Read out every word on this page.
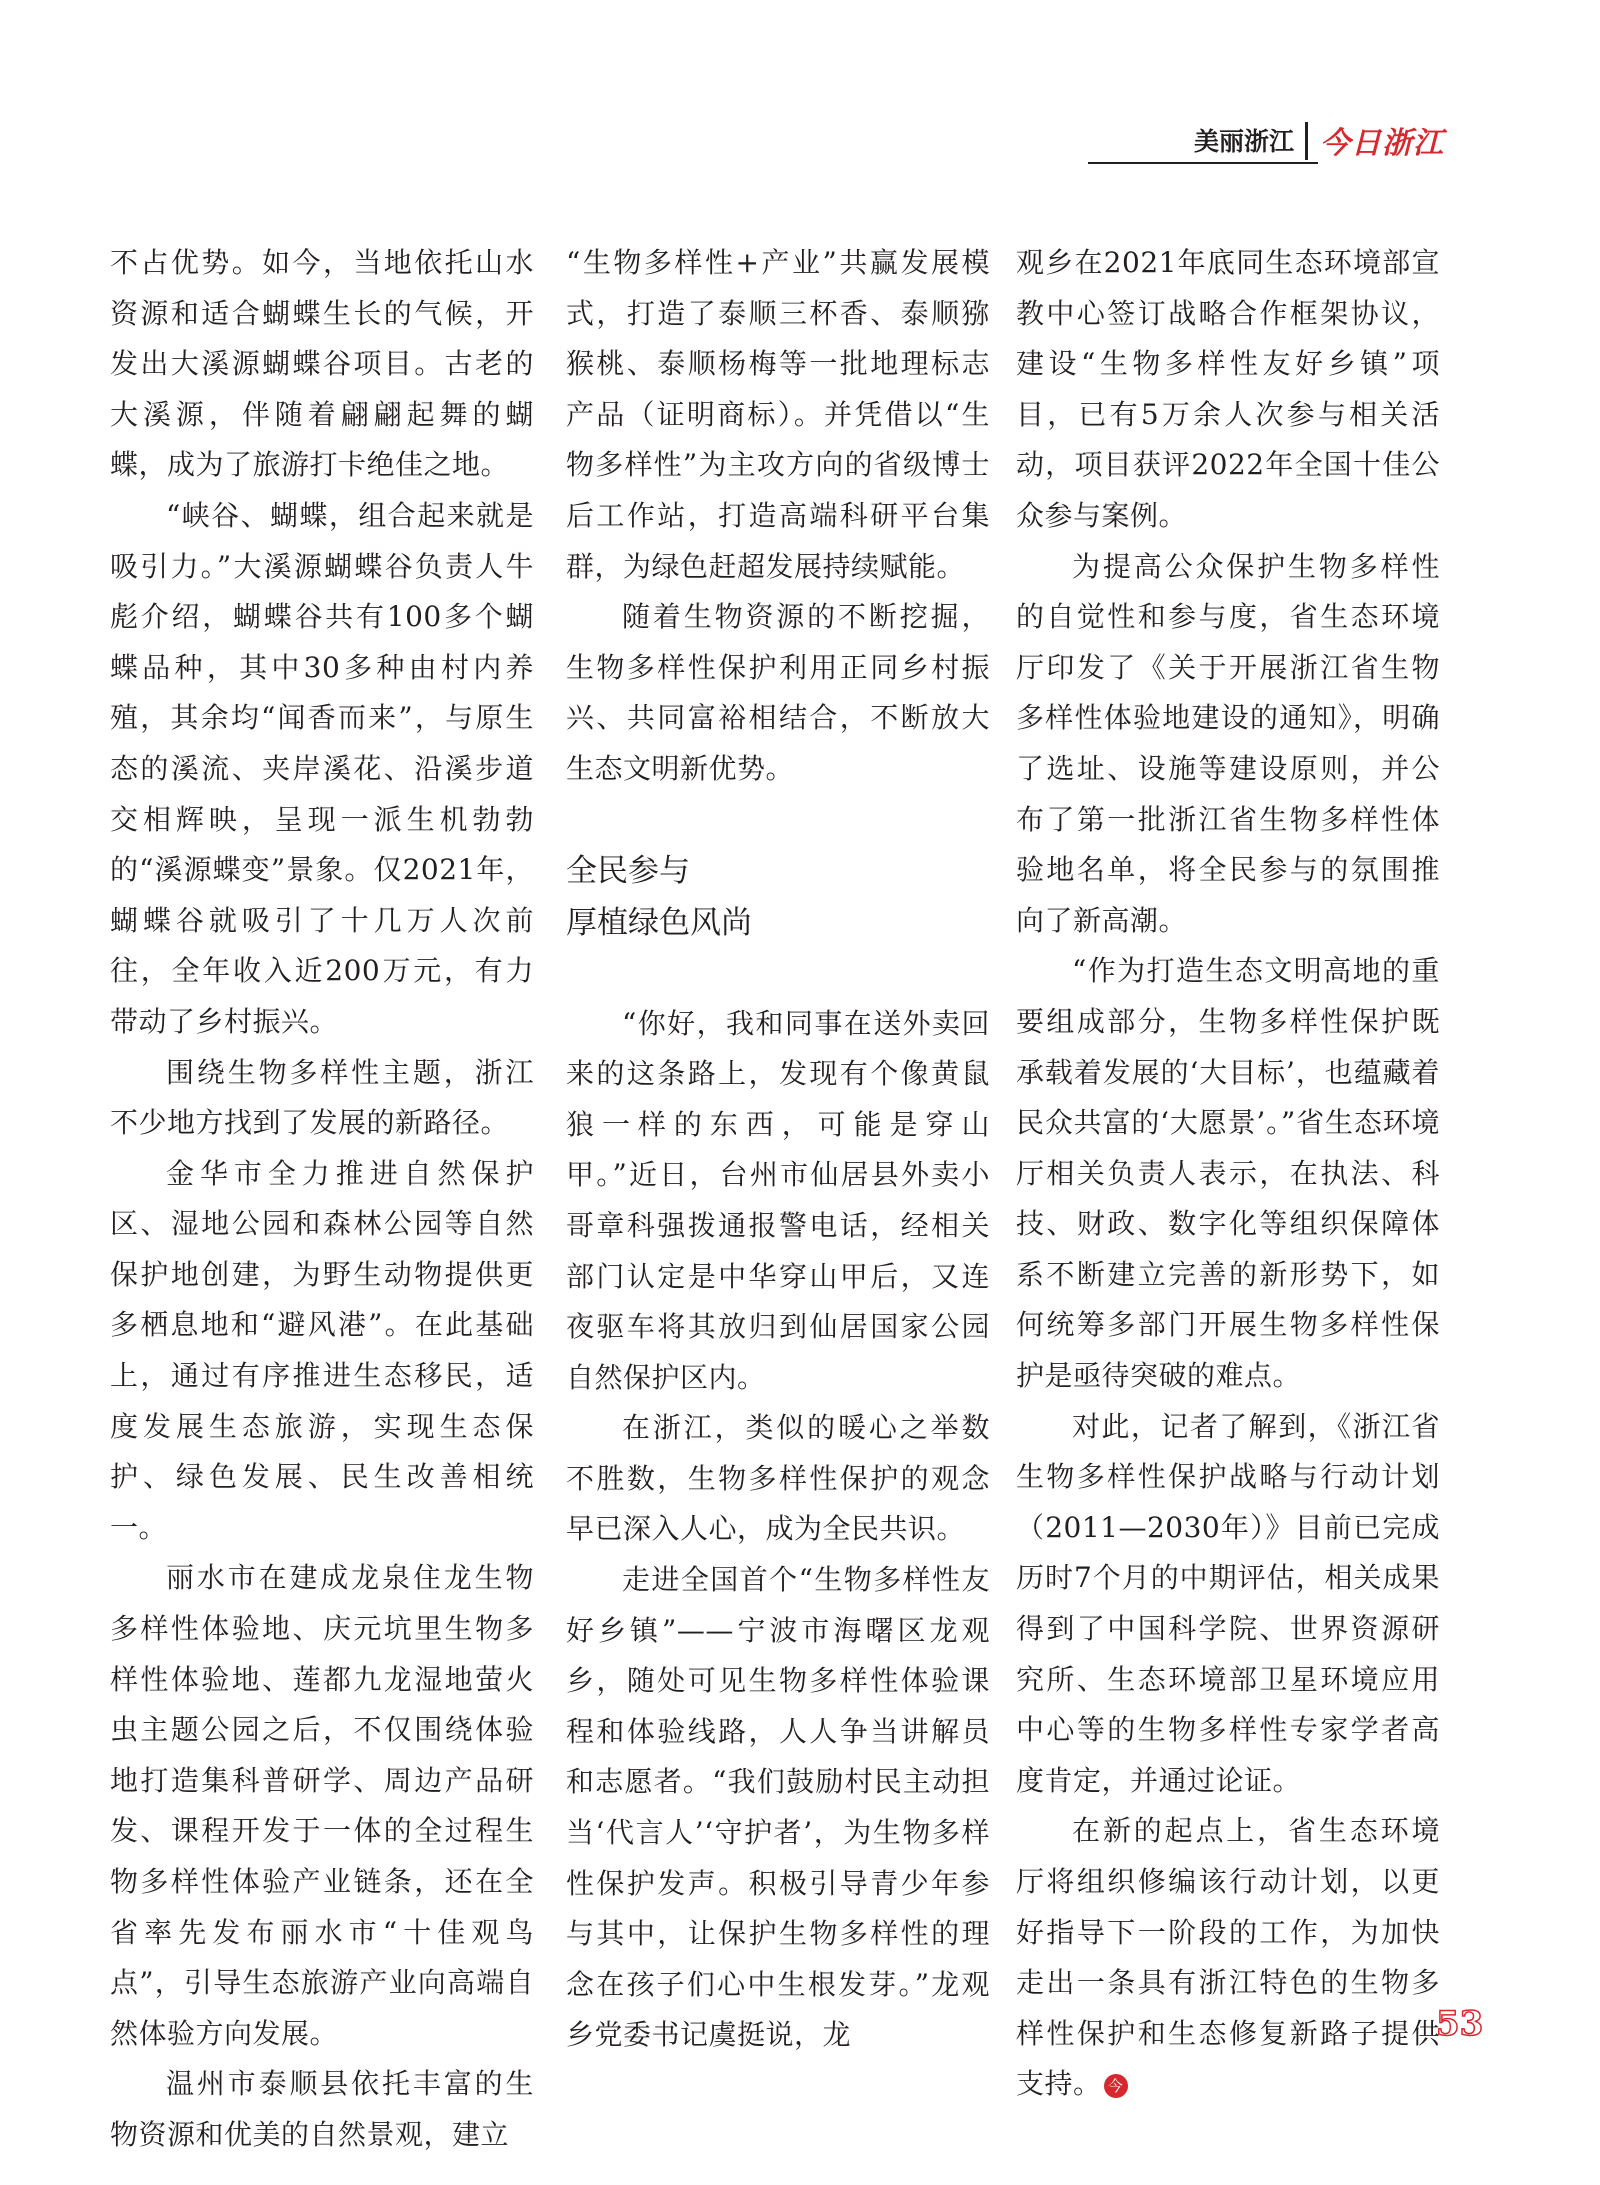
美丽浙江 今日浙江

不占优势。如今，当地依托山水资源和适合蝴蝶生长的气候，开发出大溪源蝴蝶谷项目。古老的大溪源，伴随着翩翩起舞的蝴蝶，成为了旅游打卡绝佳之地。

“峡谷、蝴蝶，组合起来就是吸引力。”大溪源蝴蝶谷负责人牛彪介绍，蝴蝶谷共有100多个蝴蝶品种，其中30多种由村内养殖，其余均“闻香而来”，与原生态的溪流、夹岸溪花、沿溪步道交相辉映，呈现一派生机勃勃的“溪源蝶变”景象。仅2021年，蝴蝶谷就吸引了十几万人次前往，全年收入近200万元，有力带动了乡村振兴。

围绕生物多样性主题，浙江不少地方找到了发展的新路径。

金华市全力推进自然保护区、湿地公园和森林公园等自然保护地创建，为野生动物提供更多栖息地和“避风港”。在此基础上，通过有序推进生态移民，适度发展生态旅游，实现生态保护、绿色发展、民生改善相统一。

丽水市在建成龙泉住龙生物多样性体验地、庆元坑里生物多样性体验地、莲都九龙湿地萤火虫主题公园之后，不仅围绕体验地打造集科普研学、周边产品研发、课程开发于一体的全过程生物多样性体验产业链条，还在全省率先发布丽水市“十佳观鸟点”，引导生态旅游产业向高端自然体验方向发展。

温州市泰顺县依托丰富的生物资源和优美的自然景观，建立

“生物多样性+产业”共赢发展模式，打造了泰顺三杯香、泰顺猕猴桃、泰顺杨梅等一批地理标志产品（证明商标）。并凭借以“生物多样性”为主攻方向的省级博士后工作站，打造高端科研平台集群，为绿色赶超发展持续赋能。

随着生物资源的不断挖掘，生物多样性保护利用正同乡村振兴、共同富裕相结合，不断放大生态文明新优势。

全民参与
厚植绿色风尚

“你好，我和同事在送外卖回来的这条路上，发现有个像黄鼠狼一样的东西，可能是穿山甲。”近日，台州市仙居县外卖小哥章科强拨通报警电话，经相关部门认定是中华穿山甲后，又连夜驱车将其放归到仙居国家公园自然保护区内。

在浙江，类似的暖心之举数不胜数，生物多样性保护的观念早已深入人心，成为全民共识。

走进全国首个“生物多样性友好乡镇”——宁波市海曙区龙观乡，随处可见生物多样性体验课程和体验线路，人人争当讲解员和志愿者。“我们鼓励村民主动担当‘代言人’‘守护者’，为生物多样性保护发声。积极引导青少年参与其中，让保护生物多样性的理念在孩子们心中生根发芽。”龙观乡党委书记虞挺说，龙

观乡在2021年底同生态环境部宣教中心签订战略合作框架协议，建设“生物多样性友好乡镇”项目，已有5万余人次参与相关活动，项目获评2022年全国十佳公众参与案例。

为提高公众保护生物多样性的自觉性和参与度，省生态环境厅印发了《关于开展浙江省生物多样性体验地建设的通知》，明确了选址、设施等建设原则，并公布了第一批浙江省生物多样性体验地名单，将全民参与的氛围推向了新高潮。

“作为打造生态文明高地的重要组成部分，生物多样性保护既承载着发展的‘大目标’，也蕴藏着民众共富的‘大愿景’。”省生态环境厅相关负责人表示，在执法、科技、财政、数字化等组织保障体系不断建立完善的新形势下，如何统筹多部门开展生物多样性保护是亟待突破的难点。

对此，记者了解到，《浙江省生物多样性保护战略与行动计划（2011—2030年）》目前已完成历时7个月的中期评估，相关成果得到了中国科学院、世界资源研究所、生态环境部卫星环境应用中心等的生物多样性专家学者高度肯定，并通过论证。

在新的起点上，省生态环境厅将组织修编该行动计划，以更好指导下一阶段的工作，为加快走出一条具有浙江特色的生物多样性保护和生态修复新路子提供支持。 今

53
